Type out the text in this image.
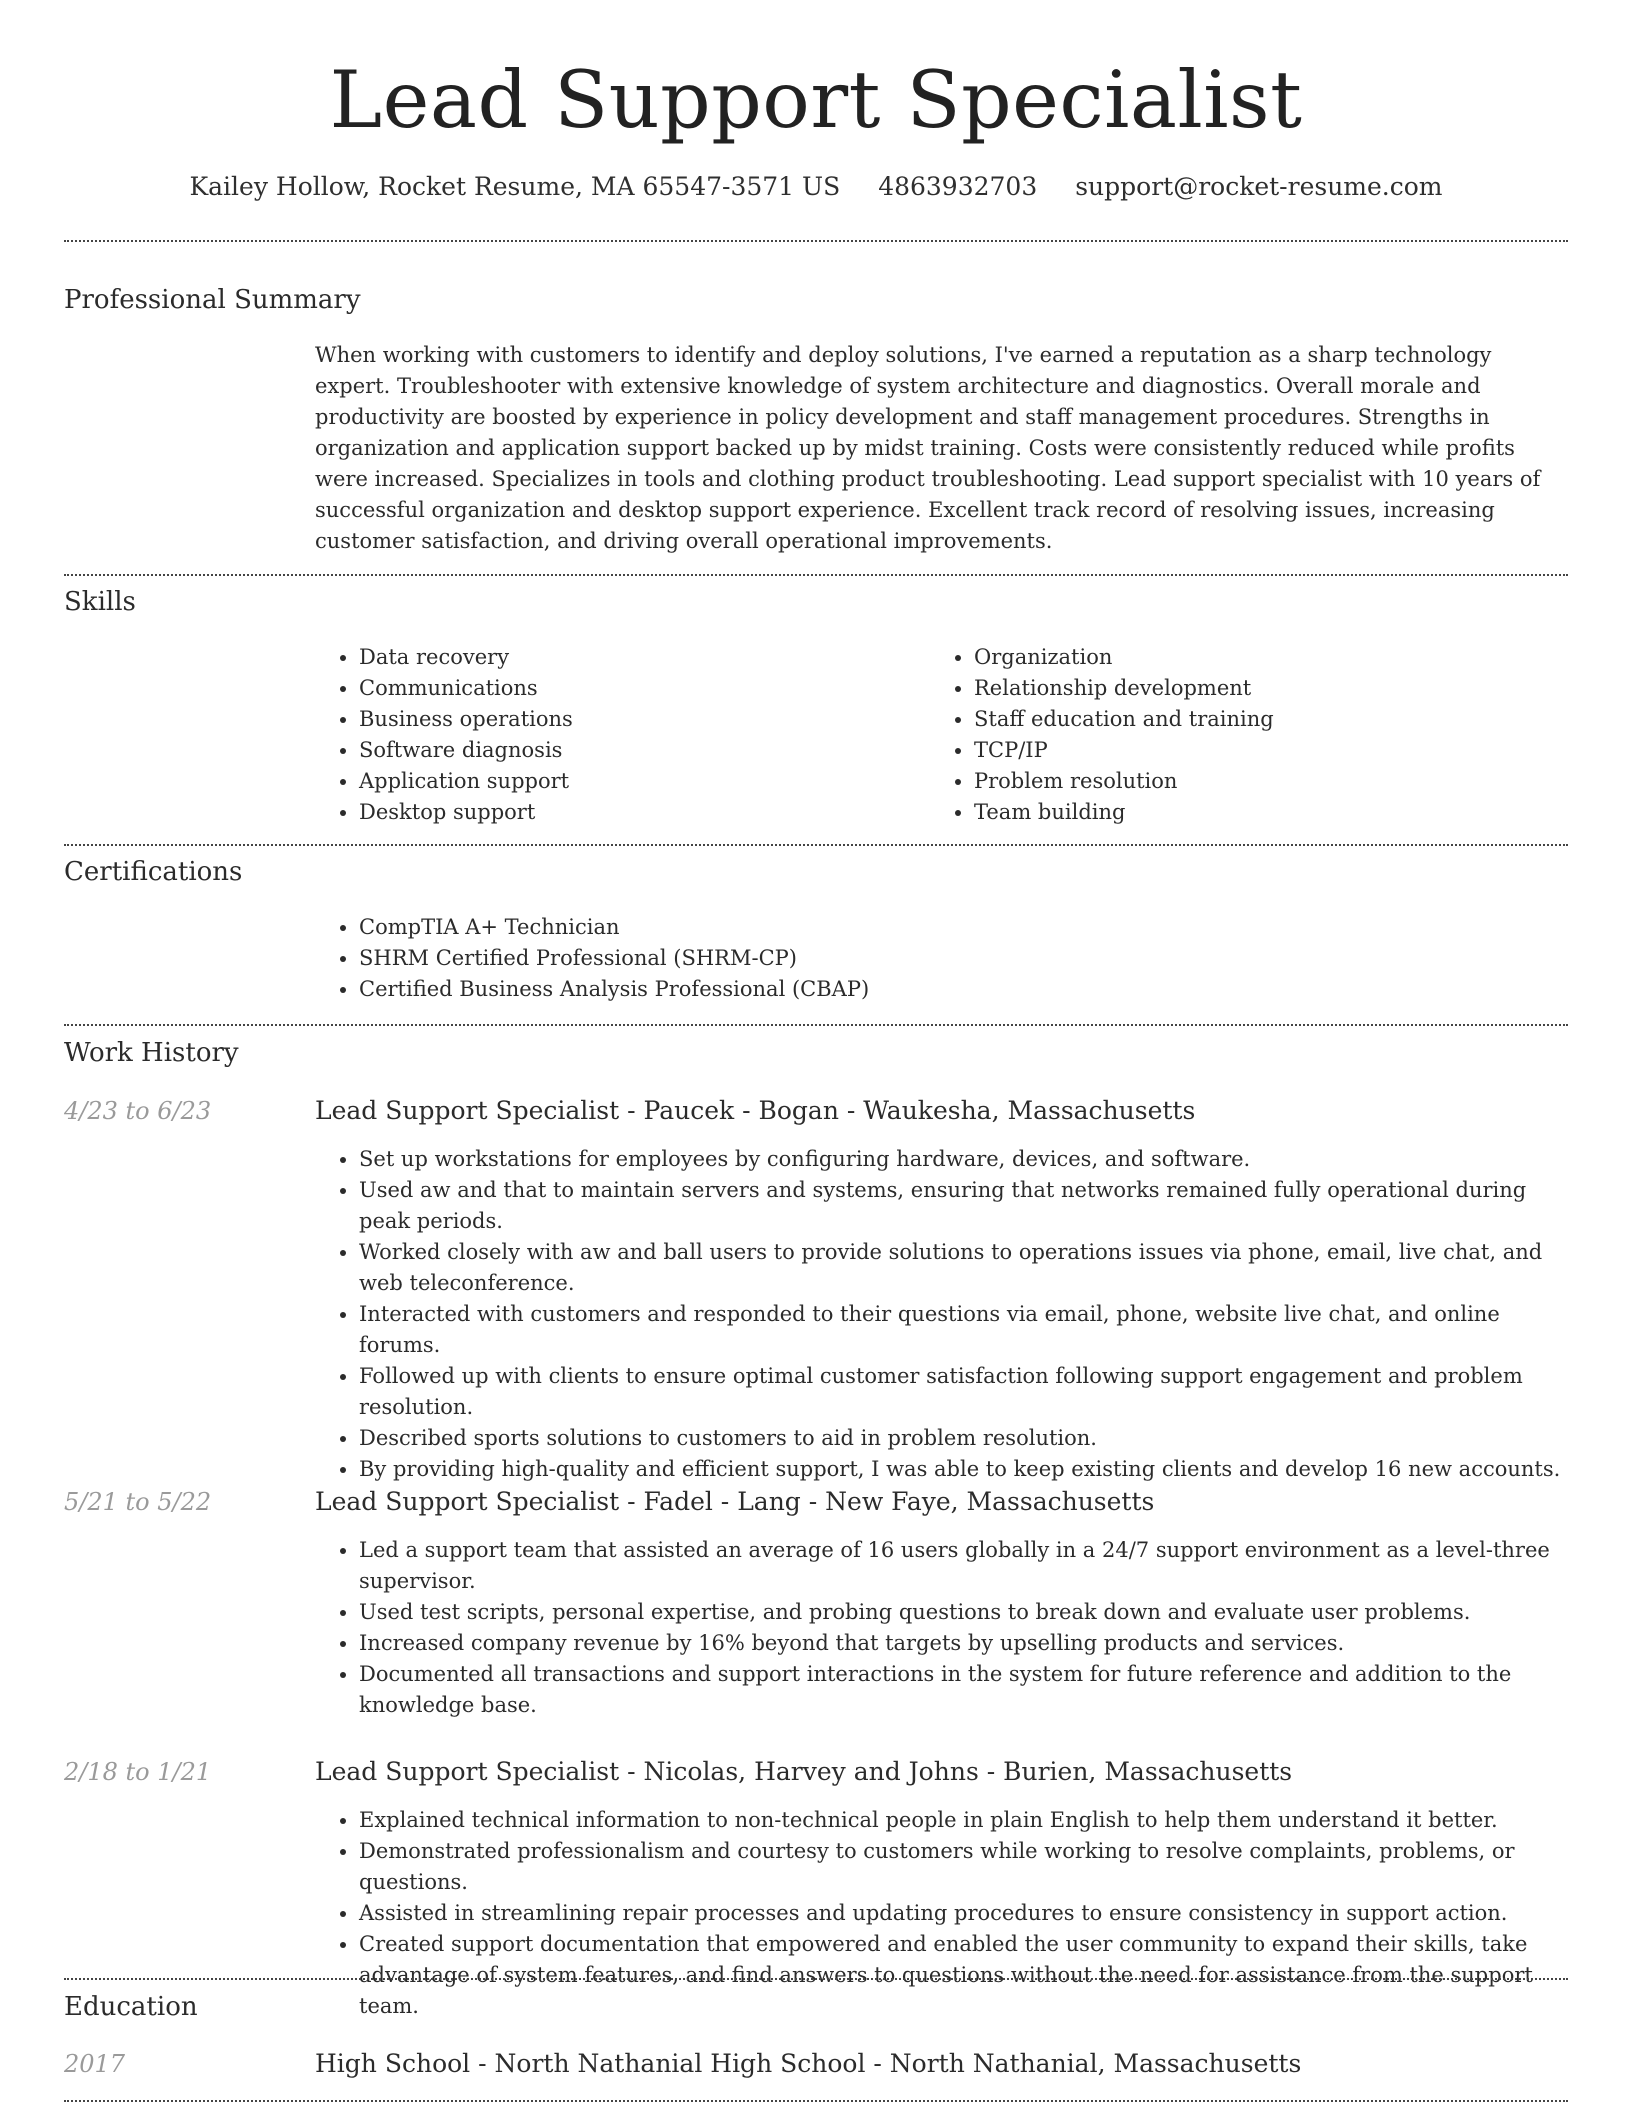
Lead Support Specialist
Kailey Hollow, Rocket Resume, MA 65547-3571 US 4863932703 support@rocket-resume.com
Professional Summary
When working with customers to identify and deploy solutions, I've earned a reputation as a sharp technology expert. Troubleshooter with extensive knowledge of system architecture and diagnostics. Overall morale and productivity are boosted by experience in policy development and staff management procedures. Strengths in organization and application support backed up by midst training. Costs were consistently reduced while profits were increased. Specializes in tools and clothing product troubleshooting. Lead support specialist with 10 years of successful organization and desktop support experience. Excellent track record of resolving issues, increasing customer satisfaction, and driving overall operational improvements.
Skills
• Data recovery
• Communications
• Business operations
• Software diagnosis
• Application support
• Desktop support
• Organization
• Relationship development
• Staff education and training
• TCP/IP
• Problem resolution
• Team building
Certifications
• CompTIA A+ Technician
• SHRM Certified Professional (SHRM-CP)
• Certified Business Analysis Professional (CBAP)
Work History
4/23 to 6/23	Lead Support Specialist - Paucek - Bogan - Waukesha, Massachusetts
• Set up workstations for employees by configuring hardware, devices, and software.
• Used aw and that to maintain servers and systems, ensuring that networks remained fully operational during peak periods.
• Worked closely with aw and ball users to provide solutions to operations issues via phone, email, live chat, and web teleconference.
• Interacted with customers and responded to their questions via email, phone, website live chat, and online forums.
• Followed up with clients to ensure optimal customer satisfaction following support engagement and problem resolution.
• Described sports solutions to customers to aid in problem resolution.
• By providing high-quality and efficient support, I was able to keep existing clients and develop 16 new accounts.
5/21 to 5/22	Lead Support Specialist - Fadel - Lang - New Faye, Massachusetts
• Led a support team that assisted an average of 16 users globally in a 24/7 support environment as a level-three supervisor.
• Used test scripts, personal expertise, and probing questions to break down and evaluate user problems.
• Increased company revenue by 16% beyond that targets by upselling products and services.
• Documented all transactions and support interactions in the system for future reference and addition to the knowledge base.
2/18 to 1/21	Lead Support Specialist - Nicolas, Harvey and Johns - Burien, Massachusetts
• Explained technical information to non-technical people in plain English to help them understand it better.
• Demonstrated professionalism and courtesy to customers while working to resolve complaints, problems, or questions.
• Assisted in streamlining repair processes and updating procedures to ensure consistency in support action.
• Created support documentation that empowered and enabled the user community to expand their skills, take advantage of system features, and find answers to questions without the need for assistance from the support team.
Education
2017	High School - North Nathanial High School - North Nathanial, Massachusetts
